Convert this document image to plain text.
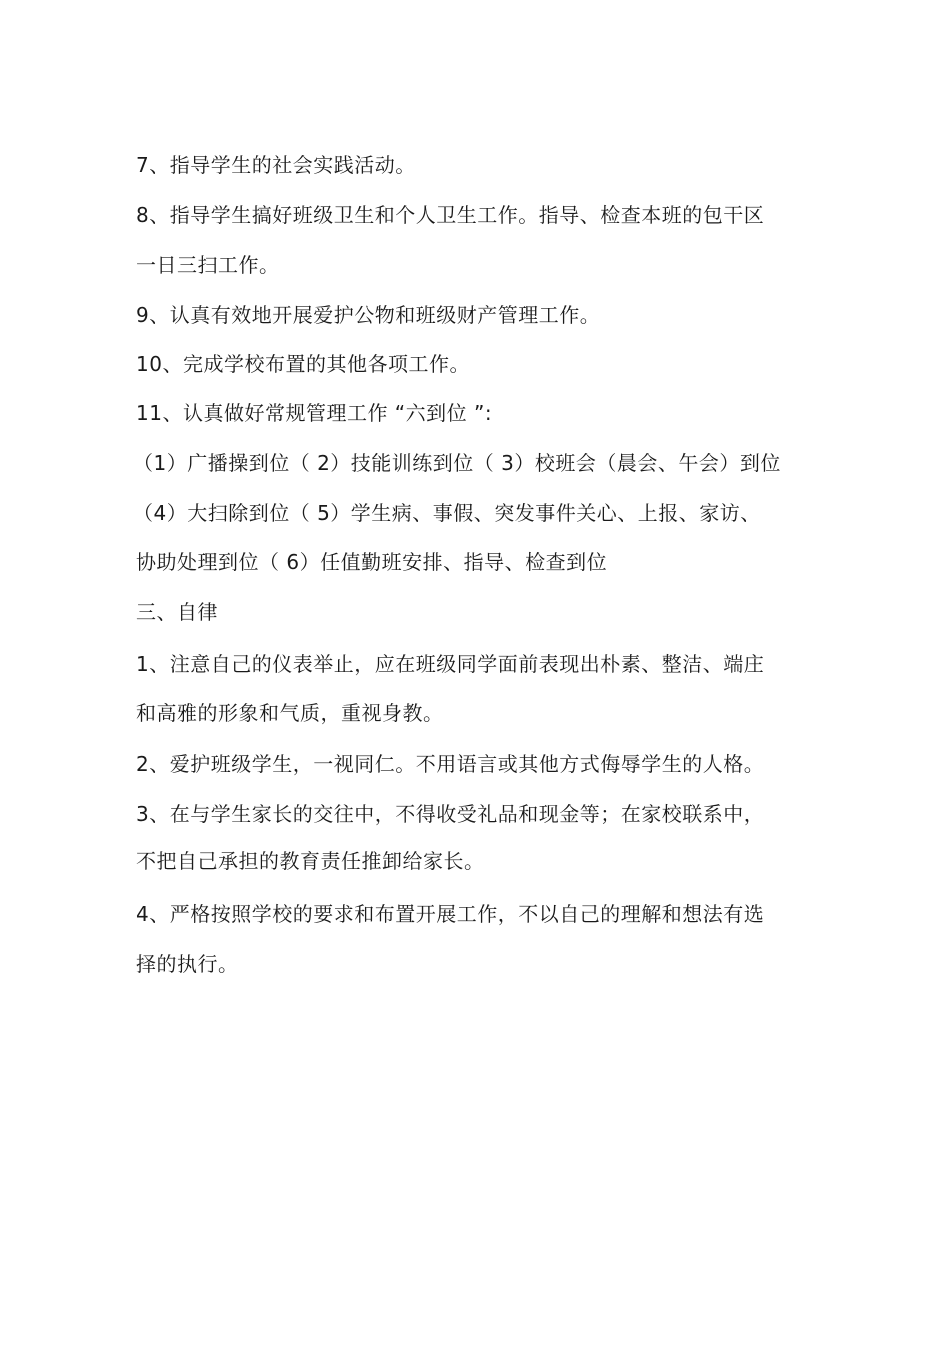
7、指导学生的社会实践活动。
8、指导学生搞好班级卫生和个人卫生工作。指导、检查本班的包干区
一日三扫工作。
9、认真有效地开展爱护公物和班级财产管理工作。
10、完成学校布置的其他各项工作。
11、认真做好常规管理工作 “六到位 ”:
（1）广播操到位（ 2）技能训练到位（ 3）校班会（晨会、午会）到位
（4）大扫除到位（ 5）学生病、事假、突发事件关心、上报、家访、
协助处理到位（ 6）任值勤班安排、指导、检查到位
三、自律
1、注意自己的仪表举止，应在班级同学面前表现出朴素、整洁、端庄
和高雅的形象和气质，重视身教。
2、爱护班级学生，一视同仁。不用语言或其他方式侮辱学生的人格。
3、在与学生家长的交往中，不得收受礼品和现金等；在家校联系中，
不把自己承担的教育责任推卸给家长。
4、严格按照学校的要求和布置开展工作，不以自己的理解和想法有选
择的执行。
